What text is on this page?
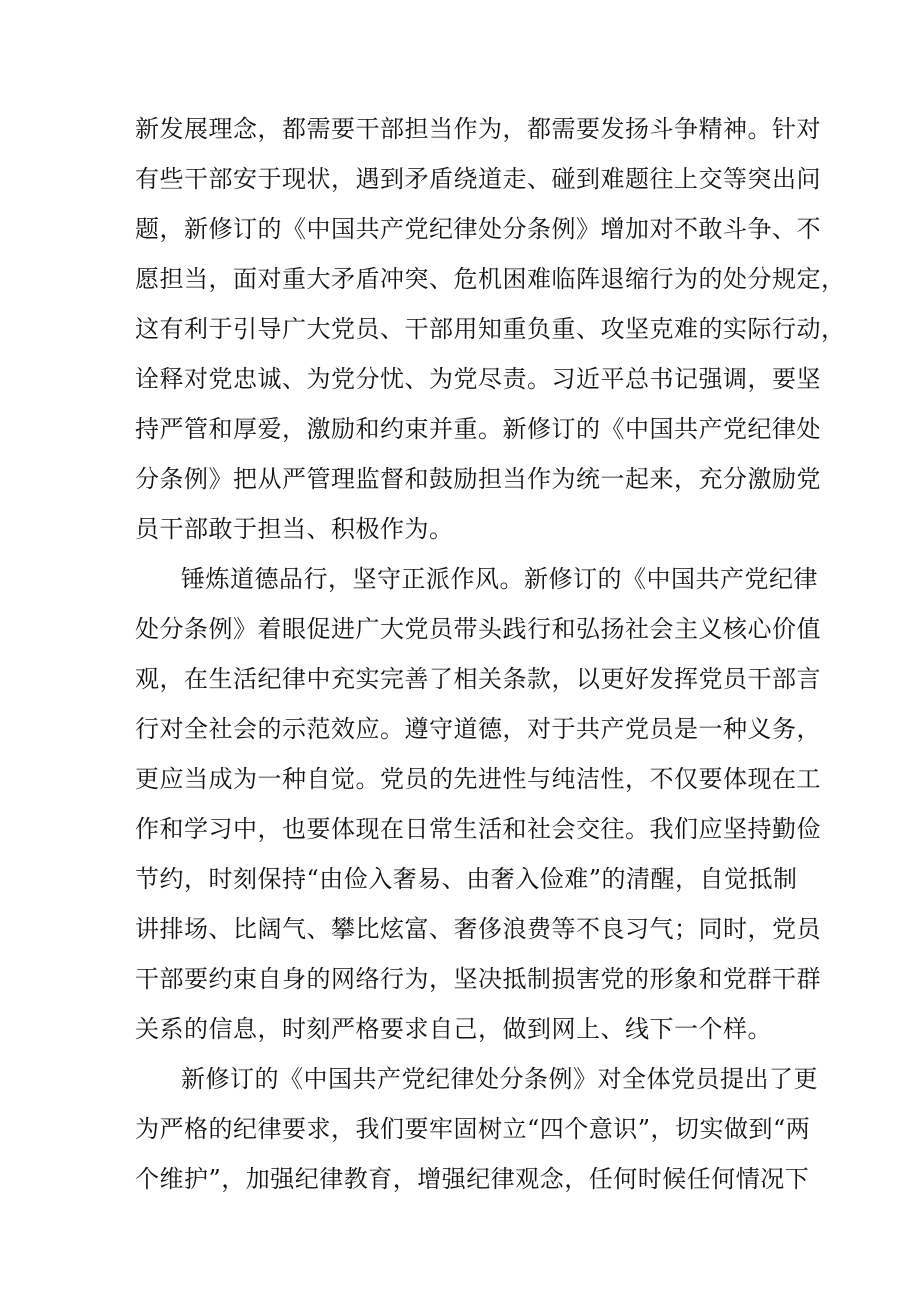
新发展理念，都需要干部担当作为，都需要发扬斗争精神。针对
有些干部安于现状，遇到矛盾绕道走、碰到难题往上交等突出问
题，新修订的《中国共产党纪律处分条例》增加对不敢斗争、不
愿担当，面对重大矛盾冲突、危机困难临阵退缩行为的处分规定，
这有利于引导广大党员、干部用知重负重、攻坚克难的实际行动，
诠释对党忠诚、为党分忧、为党尽责。习近平总书记强调，要坚
持严管和厚爱，激励和约束并重。新修订的《中国共产党纪律处
分条例》把从严管理监督和鼓励担当作为统一起来，充分激励党
员干部敢于担当、积极作为。
锤炼道德品行，坚守正派作风。新修订的《中国共产党纪律
处分条例》着眼促进广大党员带头践行和弘扬社会主义核心价值
观，在生活纪律中充实完善了相关条款，以更好发挥党员干部言
行对全社会的示范效应。遵守道德，对于共产党员是一种义务，
更应当成为一种自觉。党员的先进性与纯洁性，不仅要体现在工
作和学习中，也要体现在日常生活和社会交往。我们应坚持勤俭
节约，时刻保持“由俭入奢易、由奢入俭难”的清醒，自觉抵制
讲排场、比阔气、攀比炫富、奢侈浪费等不良习气；同时，党员
干部要约束自身的网络行为，坚决抵制损害党的形象和党群干群
关系的信息，时刻严格要求自己，做到网上、线下一个样。
新修订的《中国共产党纪律处分条例》对全体党员提出了更
为严格的纪律要求，我们要牢固树立“四个意识”，切实做到“两
个维护”，加强纪律教育，增强纪律观念，任何时候任何情况下
